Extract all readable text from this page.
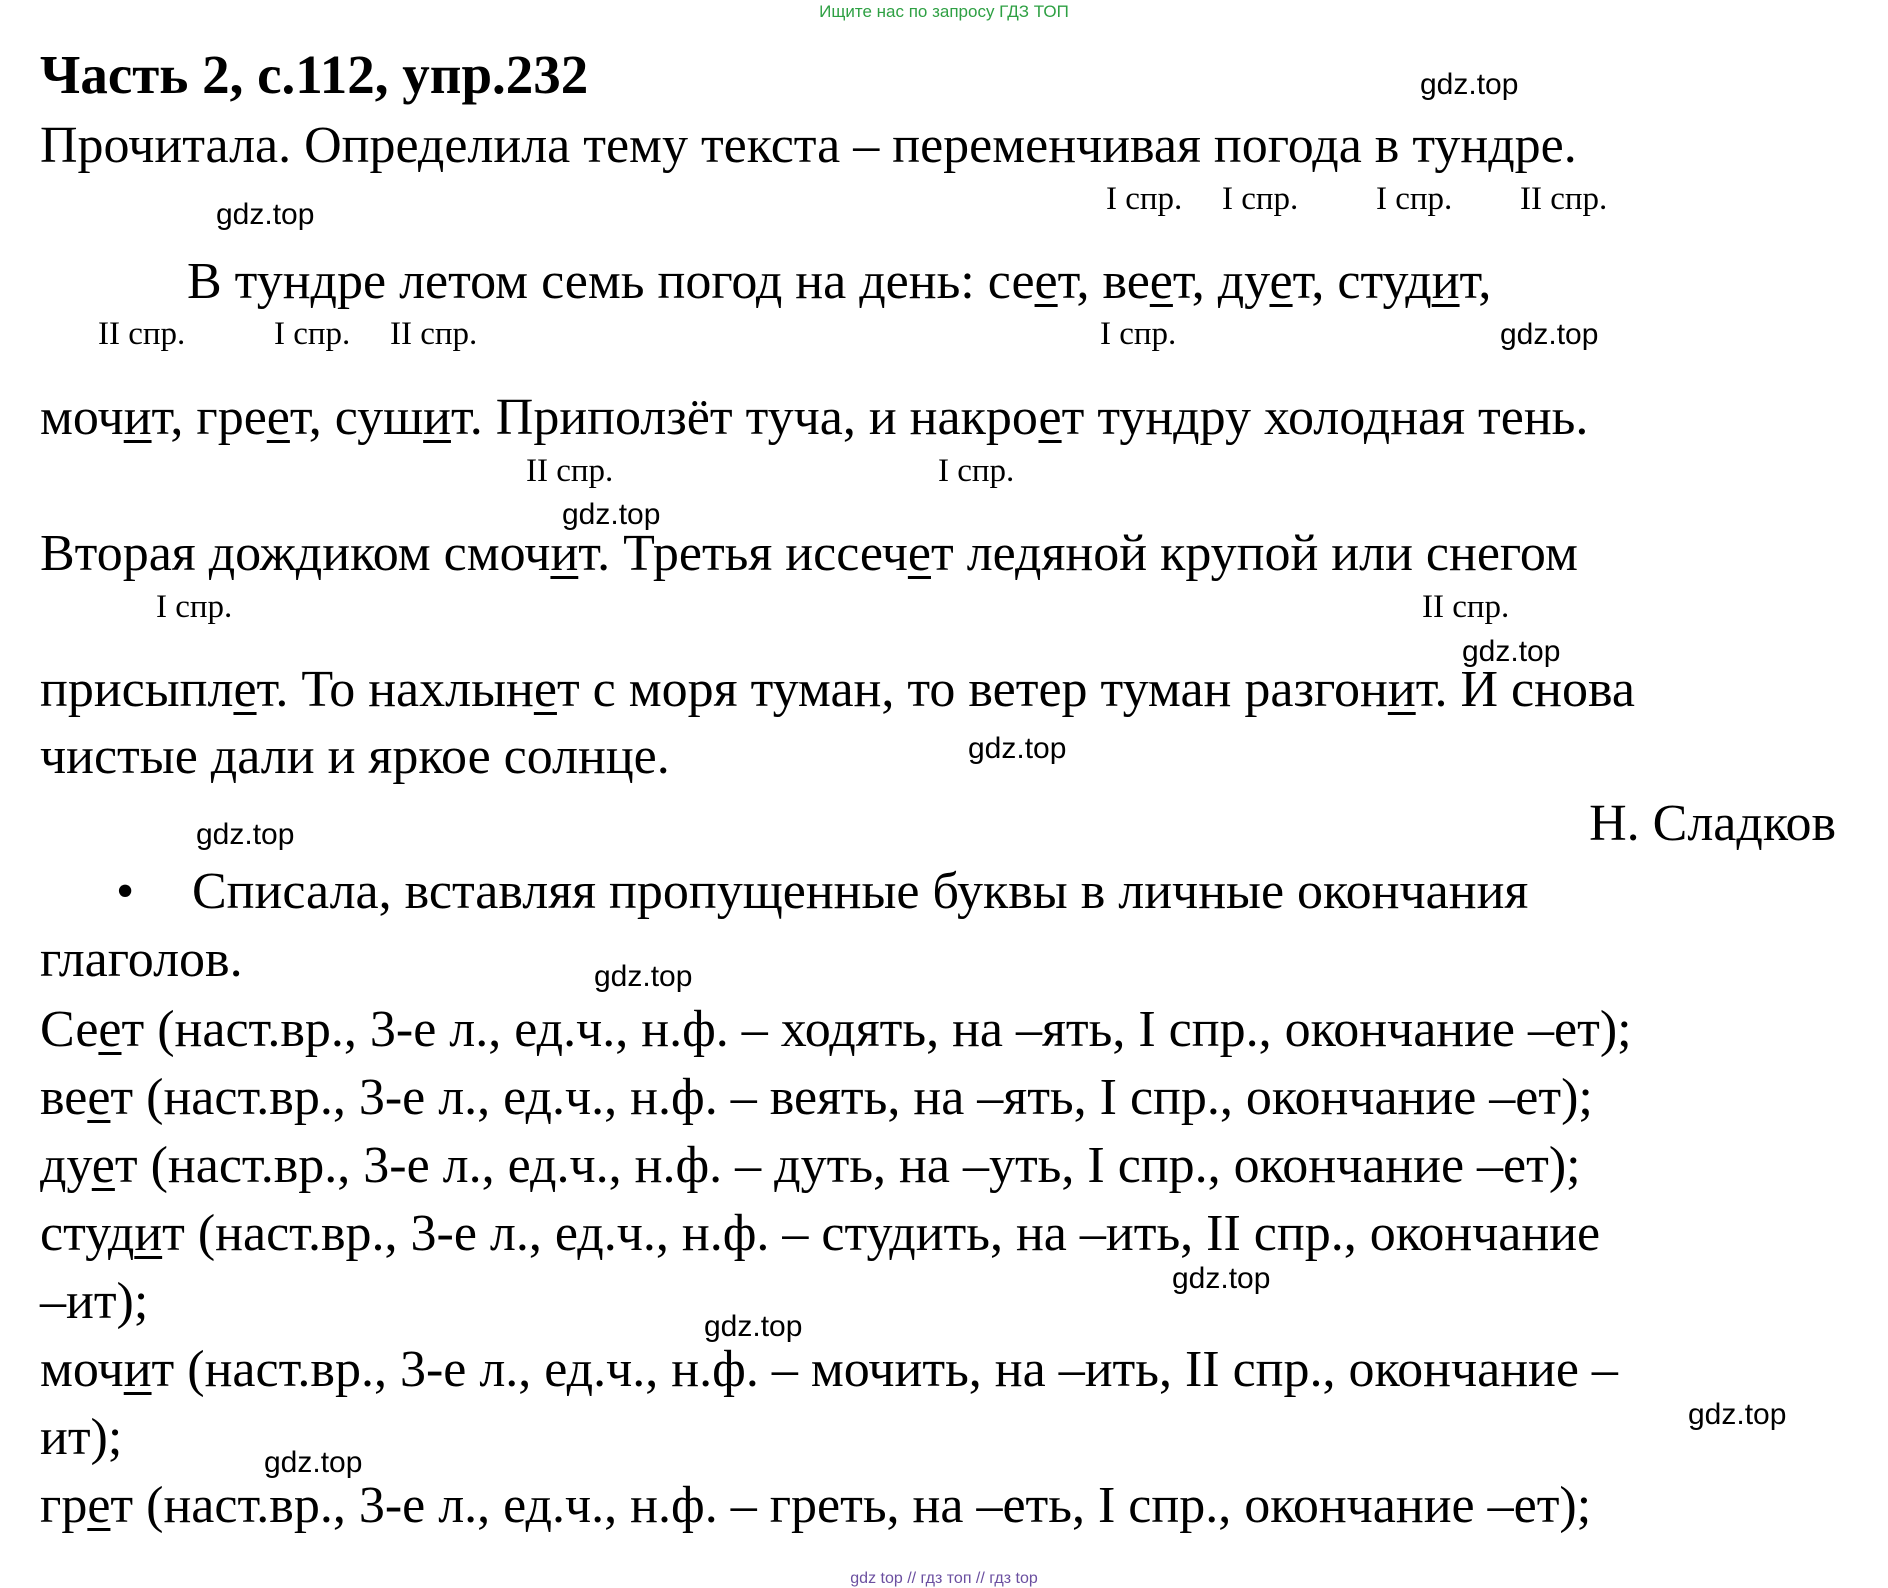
Ищите нас по запросу ГДЗ ТОП
Часть 2, с.112, упр.232	gdz.top
Прочитала. Определила тему текста – переменчивая погода в тундре.
I спр. I спр. I спр. II спр.
gdz.top
В тундре летом семь погод на день: сеет, веет, дует, студит,
II спр.	I спр. II спр.	I спр.	gdz.top
мочит, греет, сушит. Приползёт туча, и накроет тундру холодная тень.
II спр.	I спр.
gdz.top
Вторая дождиком смочит. Третья иссечет ледяной крупой или снегом
I спр.	II спр.
gdz.top
присыплет. То нахлынет с моря туман, то ветер туман разгонит. И снова
чистые дали и яркое солнце.	gdz.top
Н. Сладков
gdz.top
• Списала, вставляя пропущенные буквы в личные окончания
глаголов.	gdz.top
Сеет (наст.вр., 3-е л., ед.ч., н.ф. – ходять, на –ять, I спр., окончание –ет);
веет (наст.вр., 3-е л., ед.ч., н.ф. – веять, на –ять, I спр., окончание –ет);
дует (наст.вр., 3-е л., ед.ч., н.ф. – дуть, на –уть, I спр., окончание –ет);
студит (наст.вр., 3-е л., ед.ч., н.ф. – студить, на –ить, II спр., окончание
gdz.top
–ит);	gdz.top
мочит (наст.вр., 3-е л., ед.ч., н.ф. – мочить, на –ить, II спр., окончание –
gdz.top
ит);	gdz.top
грет (наст.вр., 3-е л., ед.ч., н.ф. – греть, на –еть, I спр., окончание –ет);
gdz top // гдз топ // гдз top
